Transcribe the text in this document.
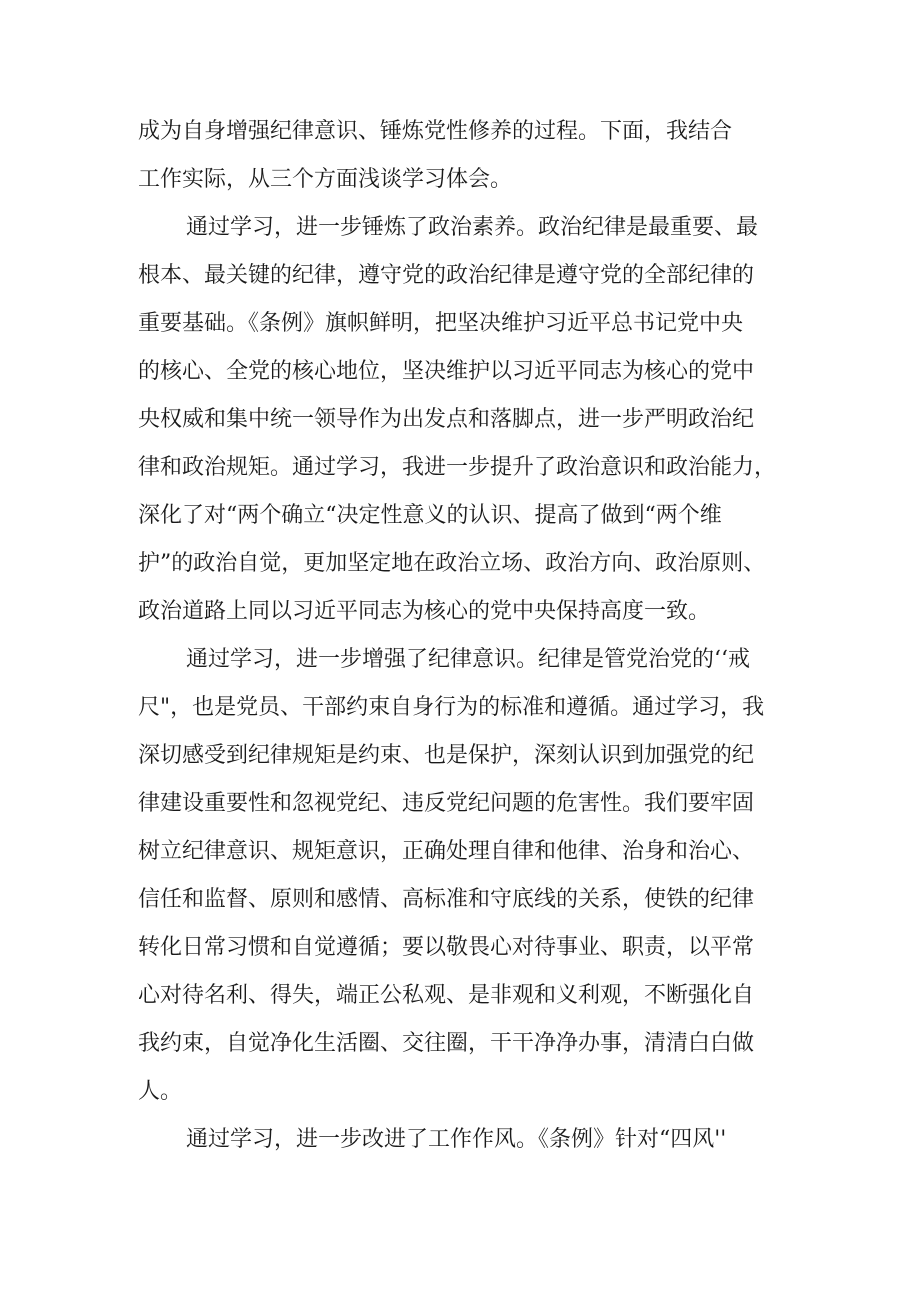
成为自身增强纪律意识、锤炼党性修养的过程。下面，我结合
工作实际，从三个方面浅谈学习体会。
通过学习，进一步锤炼了政治素养。政治纪律是最重要、最
根本、最关键的纪律，遵守党的政治纪律是遵守党的全部纪律的
重要基础。《条例》旗帜鲜明，把坚决维护习近平总书记党中央
的核心、全党的核心地位，坚决维护以习近平同志为核心的党中
央权威和集中统一领导作为出发点和落脚点，进一步严明政治纪
律和政治规矩。通过学习，我进一步提升了政治意识和政治能力，
深化了对“两个确立“决定性意义的认识、提高了做到“两个维
护”的政治自觉，更加坚定地在政治立场、政治方向、政治原则、
政治道路上同以习近平同志为核心的党中央保持高度一致。
通过学习，进一步增强了纪律意识。纪律是管党治党的‘‘戒
尺"，也是党员、干部约束自身行为的标准和遵循。通过学习，我
深切感受到纪律规矩是约束、也是保护，深刻认识到加强党的纪
律建设重要性和忽视党纪、违反党纪问题的危害性。我们要牢固
树立纪律意识、规矩意识，正确处理自律和他律、治身和治心、
信任和监督、原则和感情、高标准和守底线的关系，使铁的纪律
转化日常习惯和自觉遵循；要以敬畏心对待事业、职责，以平常
心对待名利、得失，端正公私观、是非观和义利观，不断强化自
我约束，自觉净化生活圈、交往圈，干干净净办事，清清白白做
人。
通过学习，进一步改进了工作作风。《条例》针对“四风''
